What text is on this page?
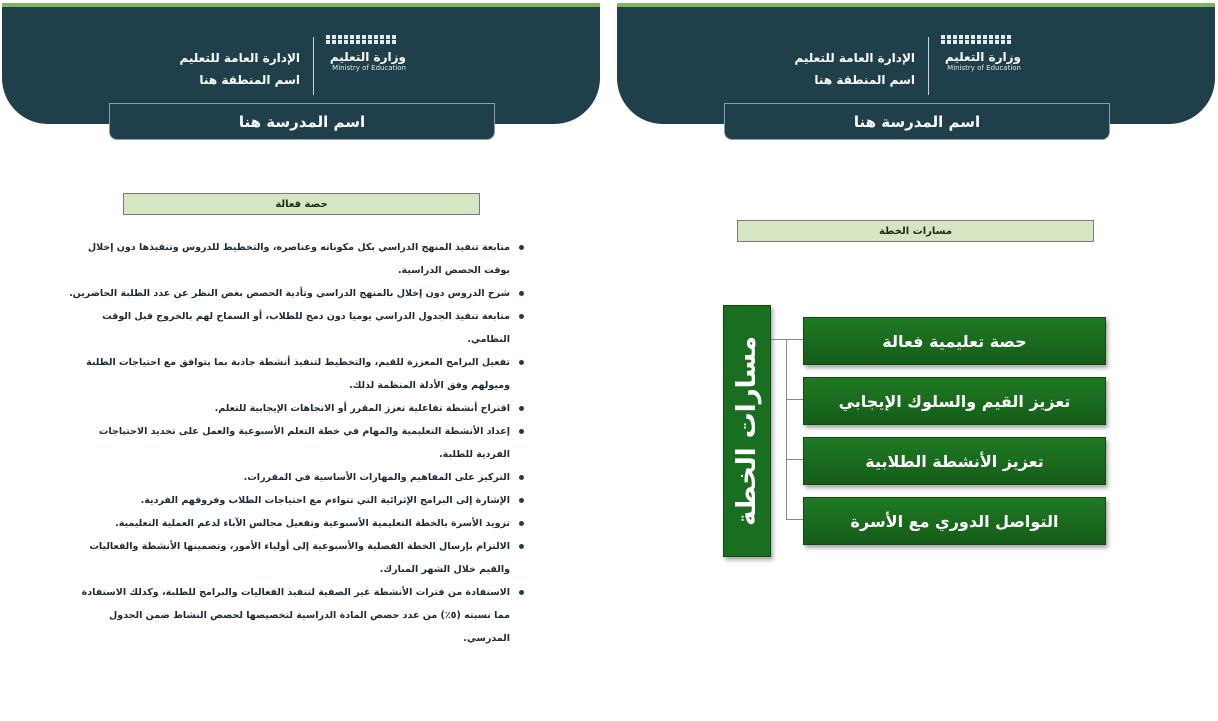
الإدارة العامة للتعليم
اسم المنطقة هنا
وزارة التعليم
Ministry of Education
اسم المدرسة هنا
حصة فعالة
متابعة تنفيذ المنهج الدراسي بكل مكوناته وعناصره، والتخطيط للدروس وتنفيذها دون إخلال بوقت الحصص الدراسية.
شرح الدروس دون إخلال بالمنهج الدراسي وتأدية الحصص بغض النظر عن عدد الطلبة الحاضرين.
متابعة تنفيذ الجدول الدراسي يوميا دون دمج للطلاب، أو السماح لهم بالخروج قبل الوقت النظامي.
تفعيل البرامج المعززة للقيم، والتخطيط لتنفيذ أنشطة جاذبة بما يتوافق مع احتياجات الطلبة وميولهم وفق الأدلة المنظمة لذلك.
اقتراح أنشطة تفاعلية تعزز المقرر أو الاتجاهات الإيجابية للتعلم.
إعداد الأنشطة التعليمية والمهام في خطة التعلم الأسبوعية والعمل على تحديد الاحتياجات الفردية للطلبة.
التركيز على المفاهيم والمهارات الأساسية في المقررات.
الإشارة إلى البرامج الإثرائية التي تتواءم مع احتياجات الطلاب وفروقهم الفردية.
تزويد الأسرة بالخطة التعليمية الأسبوعية وتفعيل مجالس الآباء لدعم العملية التعليمية.
الالتزام بإرسال الخطة الفصلية والأسبوعية إلى أولياء الأمور، وتضمينها الأنشطة والفعاليات والقيم خلال الشهر المبارك.
الاستفادة من فترات الأنشطة غير الصفية لتنفيذ الفعاليات والبرامج للطلبة، وكذلك الاستفادة مما نسبته (٥٪) من عدد حصص المادة الدراسية لتخصيصها لحصص النشاط ضمن الجدول المدرسي.
الإدارة العامة للتعليم
اسم المنطقة هنا
وزارة التعليم
Ministry of Education
اسم المدرسة هنا
مسارات الخطة
مسارات الخطة	حصة تعليمية فعالة
تعزيز القيم والسلوك الإيجابي
تعزيز الأنشطة الطلابية
التواصل الدوري مع الأسرة
